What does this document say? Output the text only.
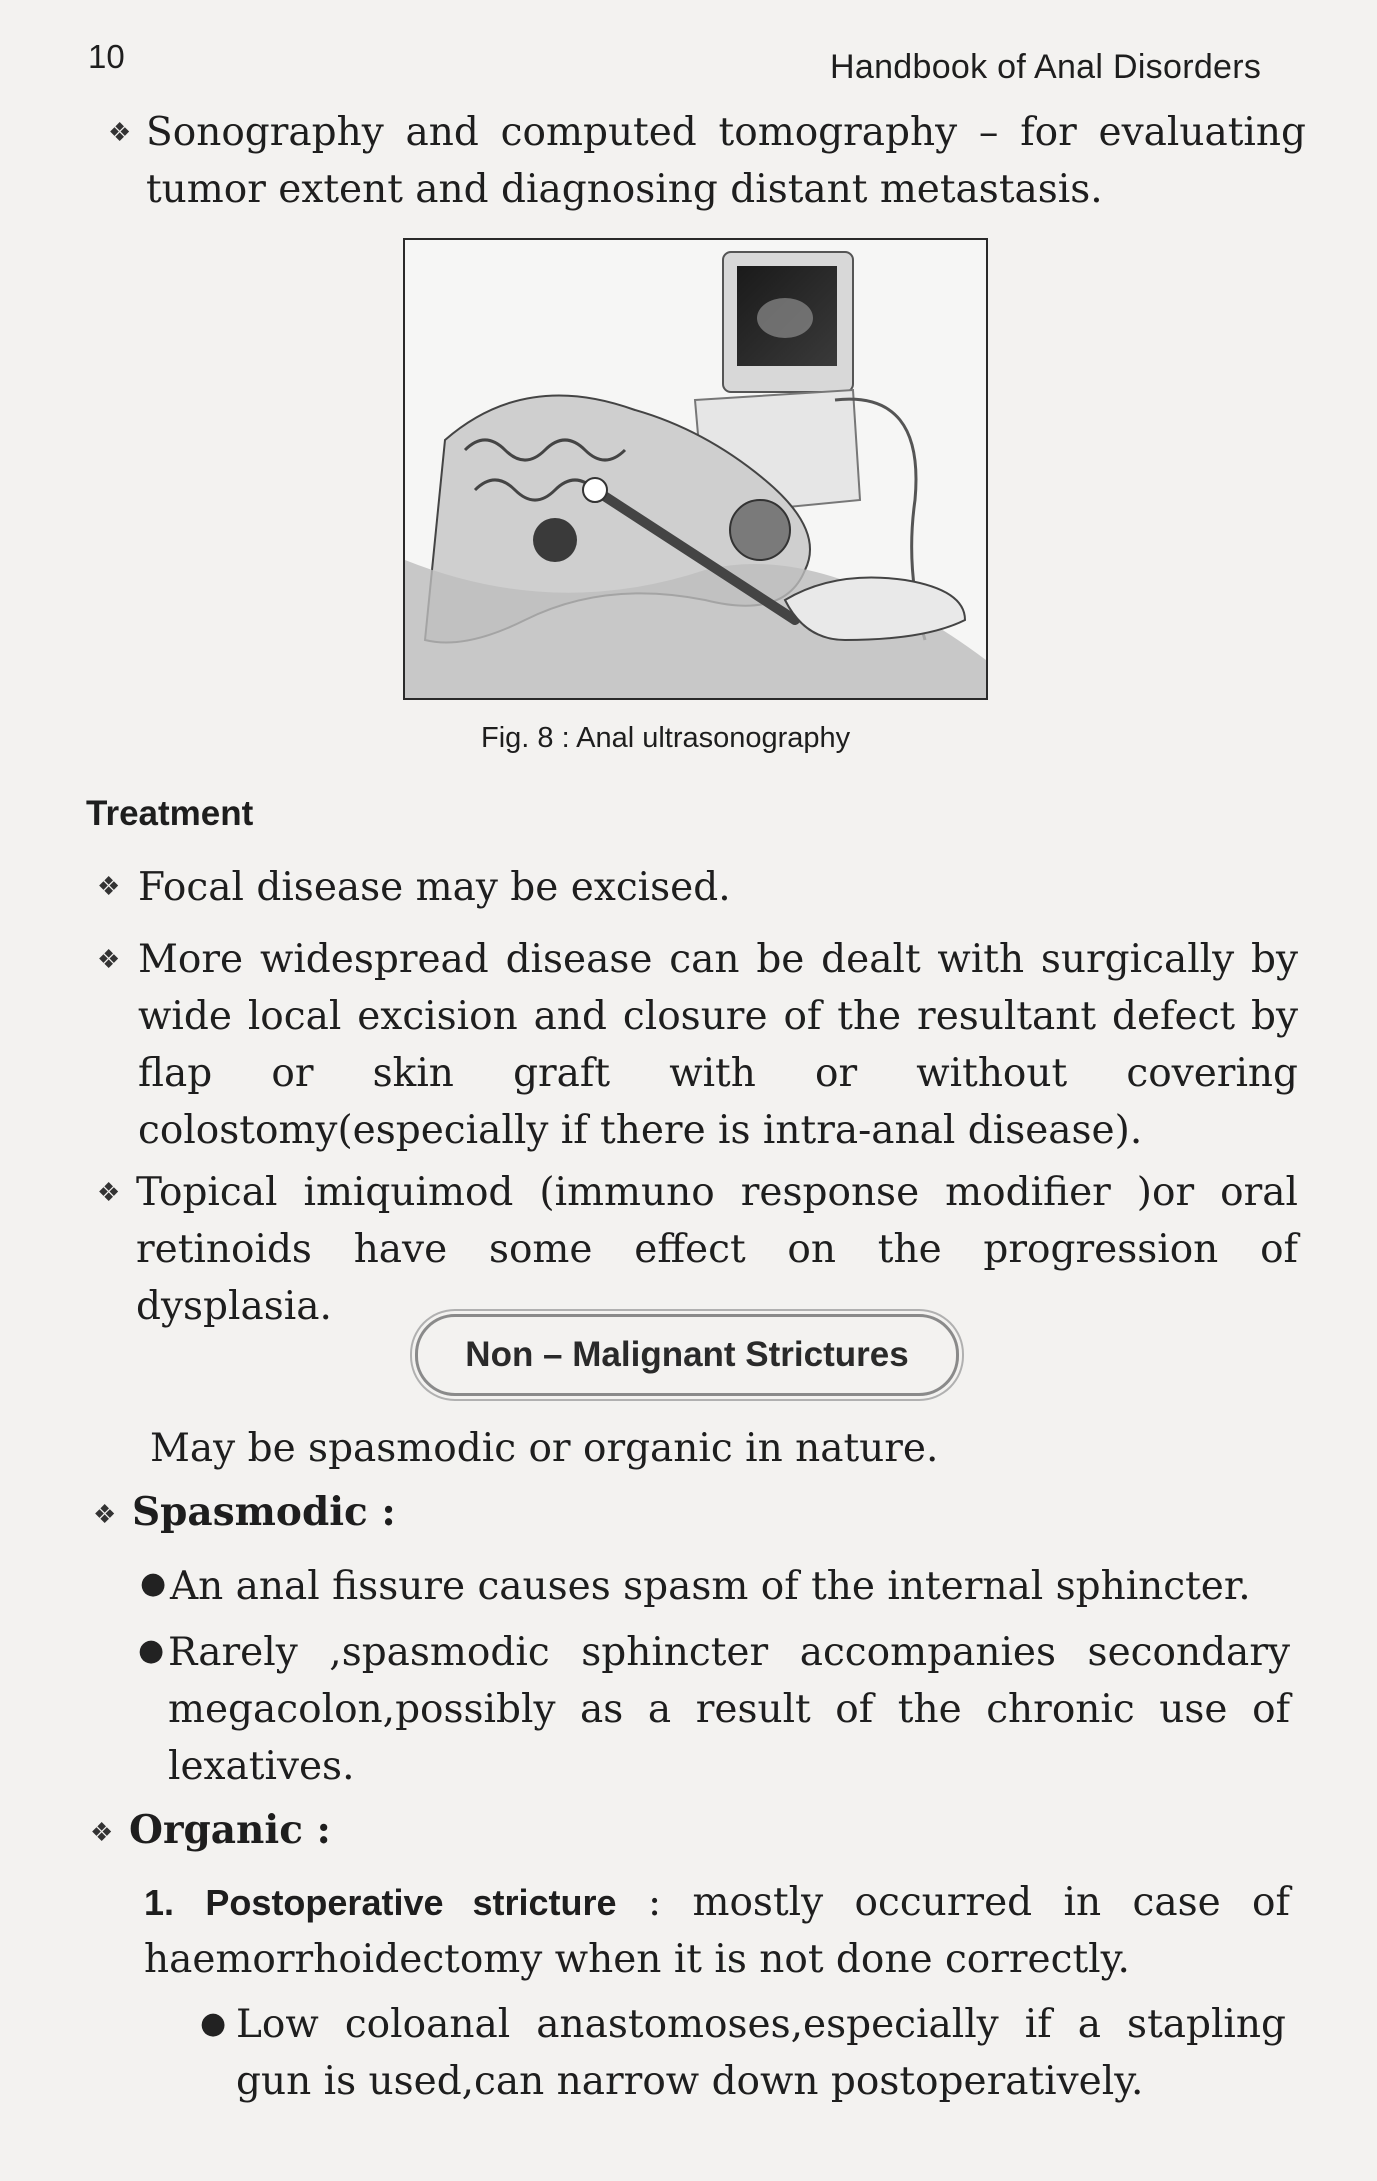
10	Handbook of Anal Disorders
❖ Sonography and computed tomography – for evaluating tumor extent and diagnosing distant metastasis.
Fig. 8 : Anal ultrasonography
Treatment
❖ Focal disease may be excised.
❖ More widespread disease can be dealt with surgically by wide local excision and closure of the resultant defect by flap or skin graft with or without covering colostomy(especially if there is intra-anal disease).
❖ Topical imiquimod (immuno response modifier )or oral retinoids have some effect on the progression of dysplasia.
Non – Malignant Strictures
May be spasmodic or organic in nature.
❖ Spasmodic :
● An anal fissure causes spasm of the internal sphincter.
● Rarely ,spasmodic sphincter accompanies secondary megacolon,possibly as a result of the chronic use of lexatives.
❖ Organic :
1. Postoperative stricture : mostly occurred in case of haemorrhoidectomy when it is not done correctly.
● Low coloanal anastomoses,especially if a stapling gun is used,can narrow down postoperatively.
